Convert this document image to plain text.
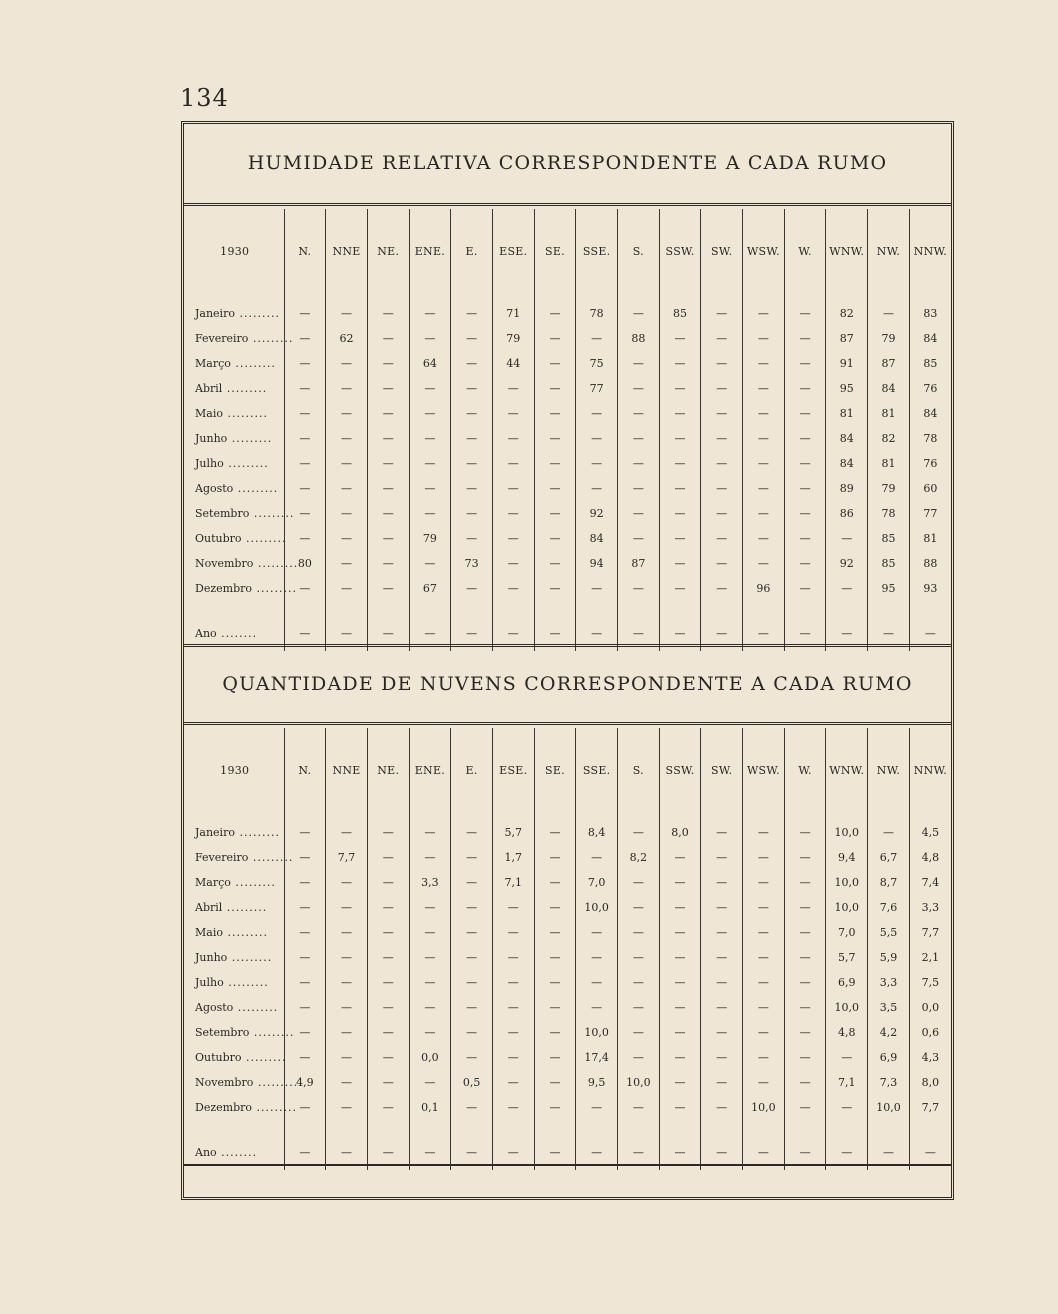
134
HUMIDADE RELATIVA CORRESPONDENTE A CADA RUMO
1930	N.	NNE	NE.	ENE.	E.	ESE.	SE.	SSE.	S.	SSW.	SW.	WSW.	W.	WNW.	NW.	NNW.

Janeiro .........	—	—	—	—	—	71	—	78	—	85	—	—	—	82	—	83
Fevereiro .........	—	62	—	—	—	79	—	—	88	—	—	—	—	87	79	84
Março .........	—	—	—	64	—	44	—	75	—	—	—	—	—	91	87	85
Abril .........	—	—	—	—	—	—	—	77	—	—	—	—	—	95	84	76
Maio .........	—	—	—	—	—	—	—	—	—	—	—	—	—	81	81	84
Junho .........	—	—	—	—	—	—	—	—	—	—	—	—	—	84	82	78
Julho .........	—	—	—	—	—	—	—	—	—	—	—	—	—	84	81	76
Agosto .........	—	—	—	—	—	—	—	—	—	—	—	—	—	89	79	60
Setembro .........	—	—	—	—	—	—	—	92	—	—	—	—	—	86	78	77
Outubro .........	—	—	—	79	—	—	—	84	—	—	—	—	—	—	85	81
Novembro .........	80	—	—	—	73	—	—	94	87	—	—	—	—	92	85	88
Dezembro .........	—	—	—	67	—	—	—	—	—	—	—	96	—	—	95	93

Ano ........	—	—	—	—	—	—	—	—	—	—	—	—	—	—	—	—
QUANTIDADE DE NUVENS CORRESPONDENTE A CADA RUMO
1930	N.	NNE	NE.	ENE.	E.	ESE.	SE.	SSE.	S.	SSW.	SW.	WSW.	W.	WNW.	NW.	NNW.

Janeiro .........	—	—	—	—	—	5,7	—	8,4	—	8,0	—	—	—	10,0	—	4,5
Fevereiro .........	—	7,7	—	—	—	1,7	—	—	8,2	—	—	—	—	9,4	6,7	4,8
Março .........	—	—	—	3,3	—	7,1	—	7,0	—	—	—	—	—	10,0	8,7	7,4
Abril .........	—	—	—	—	—	—	—	10,0	—	—	—	—	—	10,0	7,6	3,3
Maio .........	—	—	—	—	—	—	—	—	—	—	—	—	—	7,0	5,5	7,7
Junho .........	—	—	—	—	—	—	—	—	—	—	—	—	—	5,7	5,9	2,1
Julho .........	—	—	—	—	—	—	—	—	—	—	—	—	—	6,9	3,3	7,5
Agosto .........	—	—	—	—	—	—	—	—	—	—	—	—	—	10,0	3,5	0,0
Setembro .........	—	—	—	—	—	—	—	10,0	—	—	—	—	—	4,8	4,2	0,6
Outubro .........	—	—	—	0,0	—	—	—	17,4	—	—	—	—	—	—	6,9	4,3
Novembro .........	4,9	—	—	—	0,5	—	—	9,5	10,0	—	—	—	—	7,1	7,3	8,0
Dezembro .........	—	—	—	0,1	—	—	—	—	—	—	—	10,0	—	—	10,0	7,7

Ano ........	—	—	—	—	—	—	—	—	—	—	—	—	—	—	—	—
